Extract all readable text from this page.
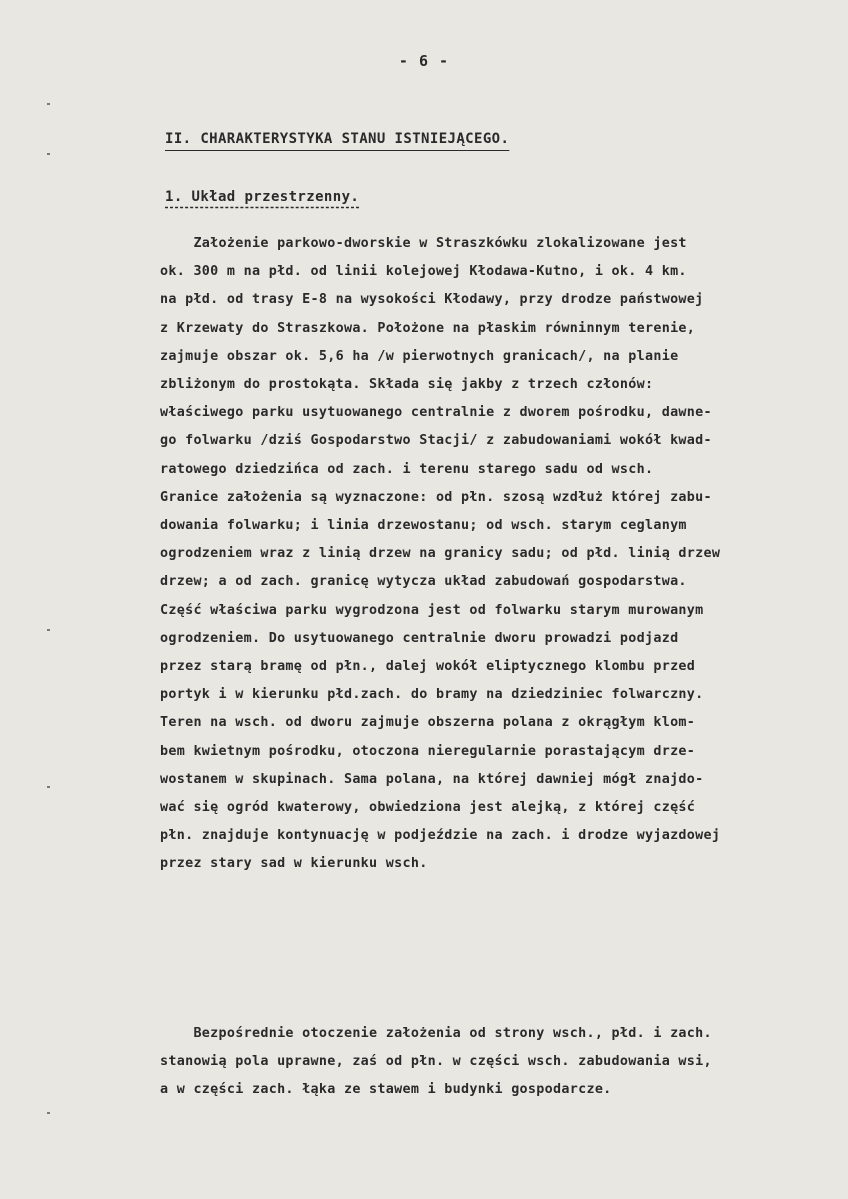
- 6 -
II. CHARAKTERYSTYKA STANU ISTNIEJĄCEGO.
1. Układ przestrzenny.
Założenie parkowo-dworskie w Straszkówku zlokalizowane jest
ok. 300 m na płd. od linii kolejowej Kłodawa-Kutno, i ok. 4 km.
na płd. od trasy E-8 na wysokości Kłodawy, przy drodze państwowej
z Krzewaty do Straszkowa. Położone na płaskim równinnym terenie,
zajmuje obszar ok. 5,6 ha /w pierwotnych granicach/, na planie
zbliżonym do prostokąta. Składa się jakby z trzech członów:
właściwego parku usytuowanego centralnie z dworem pośrodku, dawne-
go folwarku /dziś Gospodarstwo Stacji/ z zabudowaniami wokół kwad-
ratowego dziedzińca od zach. i terenu starego sadu od wsch.
Granice założenia są wyznaczone: od płn. szosą wzdłuż której zabu-
dowania folwarku; i linia drzewostanu; od wsch. starym ceglanym
ogrodzeniem wraz z linią drzew na granicy sadu; od płd. linią drzew
drzew; a od zach. granicę wytycza układ zabudowań gospodarstwa.
Część właściwa parku wygrodzona jest od folwarku starym murowanym
ogrodzeniem. Do usytuowanego centralnie dworu prowadzi podjazd
przez starą bramę od płn., dalej wokół eliptycznego klombu przed
portyk i w kierunku płd.zach. do bramy na dziedziniec folwarczny.
Teren na wsch. od dworu zajmuje obszerna polana z okrągłym klom-
bem kwietnym pośrodku, otoczona nieregularnie porastającym drze-
wostanem w skupinach. Sama polana, na której dawniej mógł znajdo-
wać się ogród kwaterowy, obwiedziona jest alejką, z której część
płn. znajduje kontynuację w podjeździe na zach. i drodze wyjazdowej
przez stary sad w kierunku wsch.
Bezpośrednie otoczenie założenia od strony wsch., płd. i zach.
stanowią pola uprawne, zaś od płn. w części wsch. zabudowania wsi,
a w części zach. łąka ze stawem i budynki gospodarcze.
